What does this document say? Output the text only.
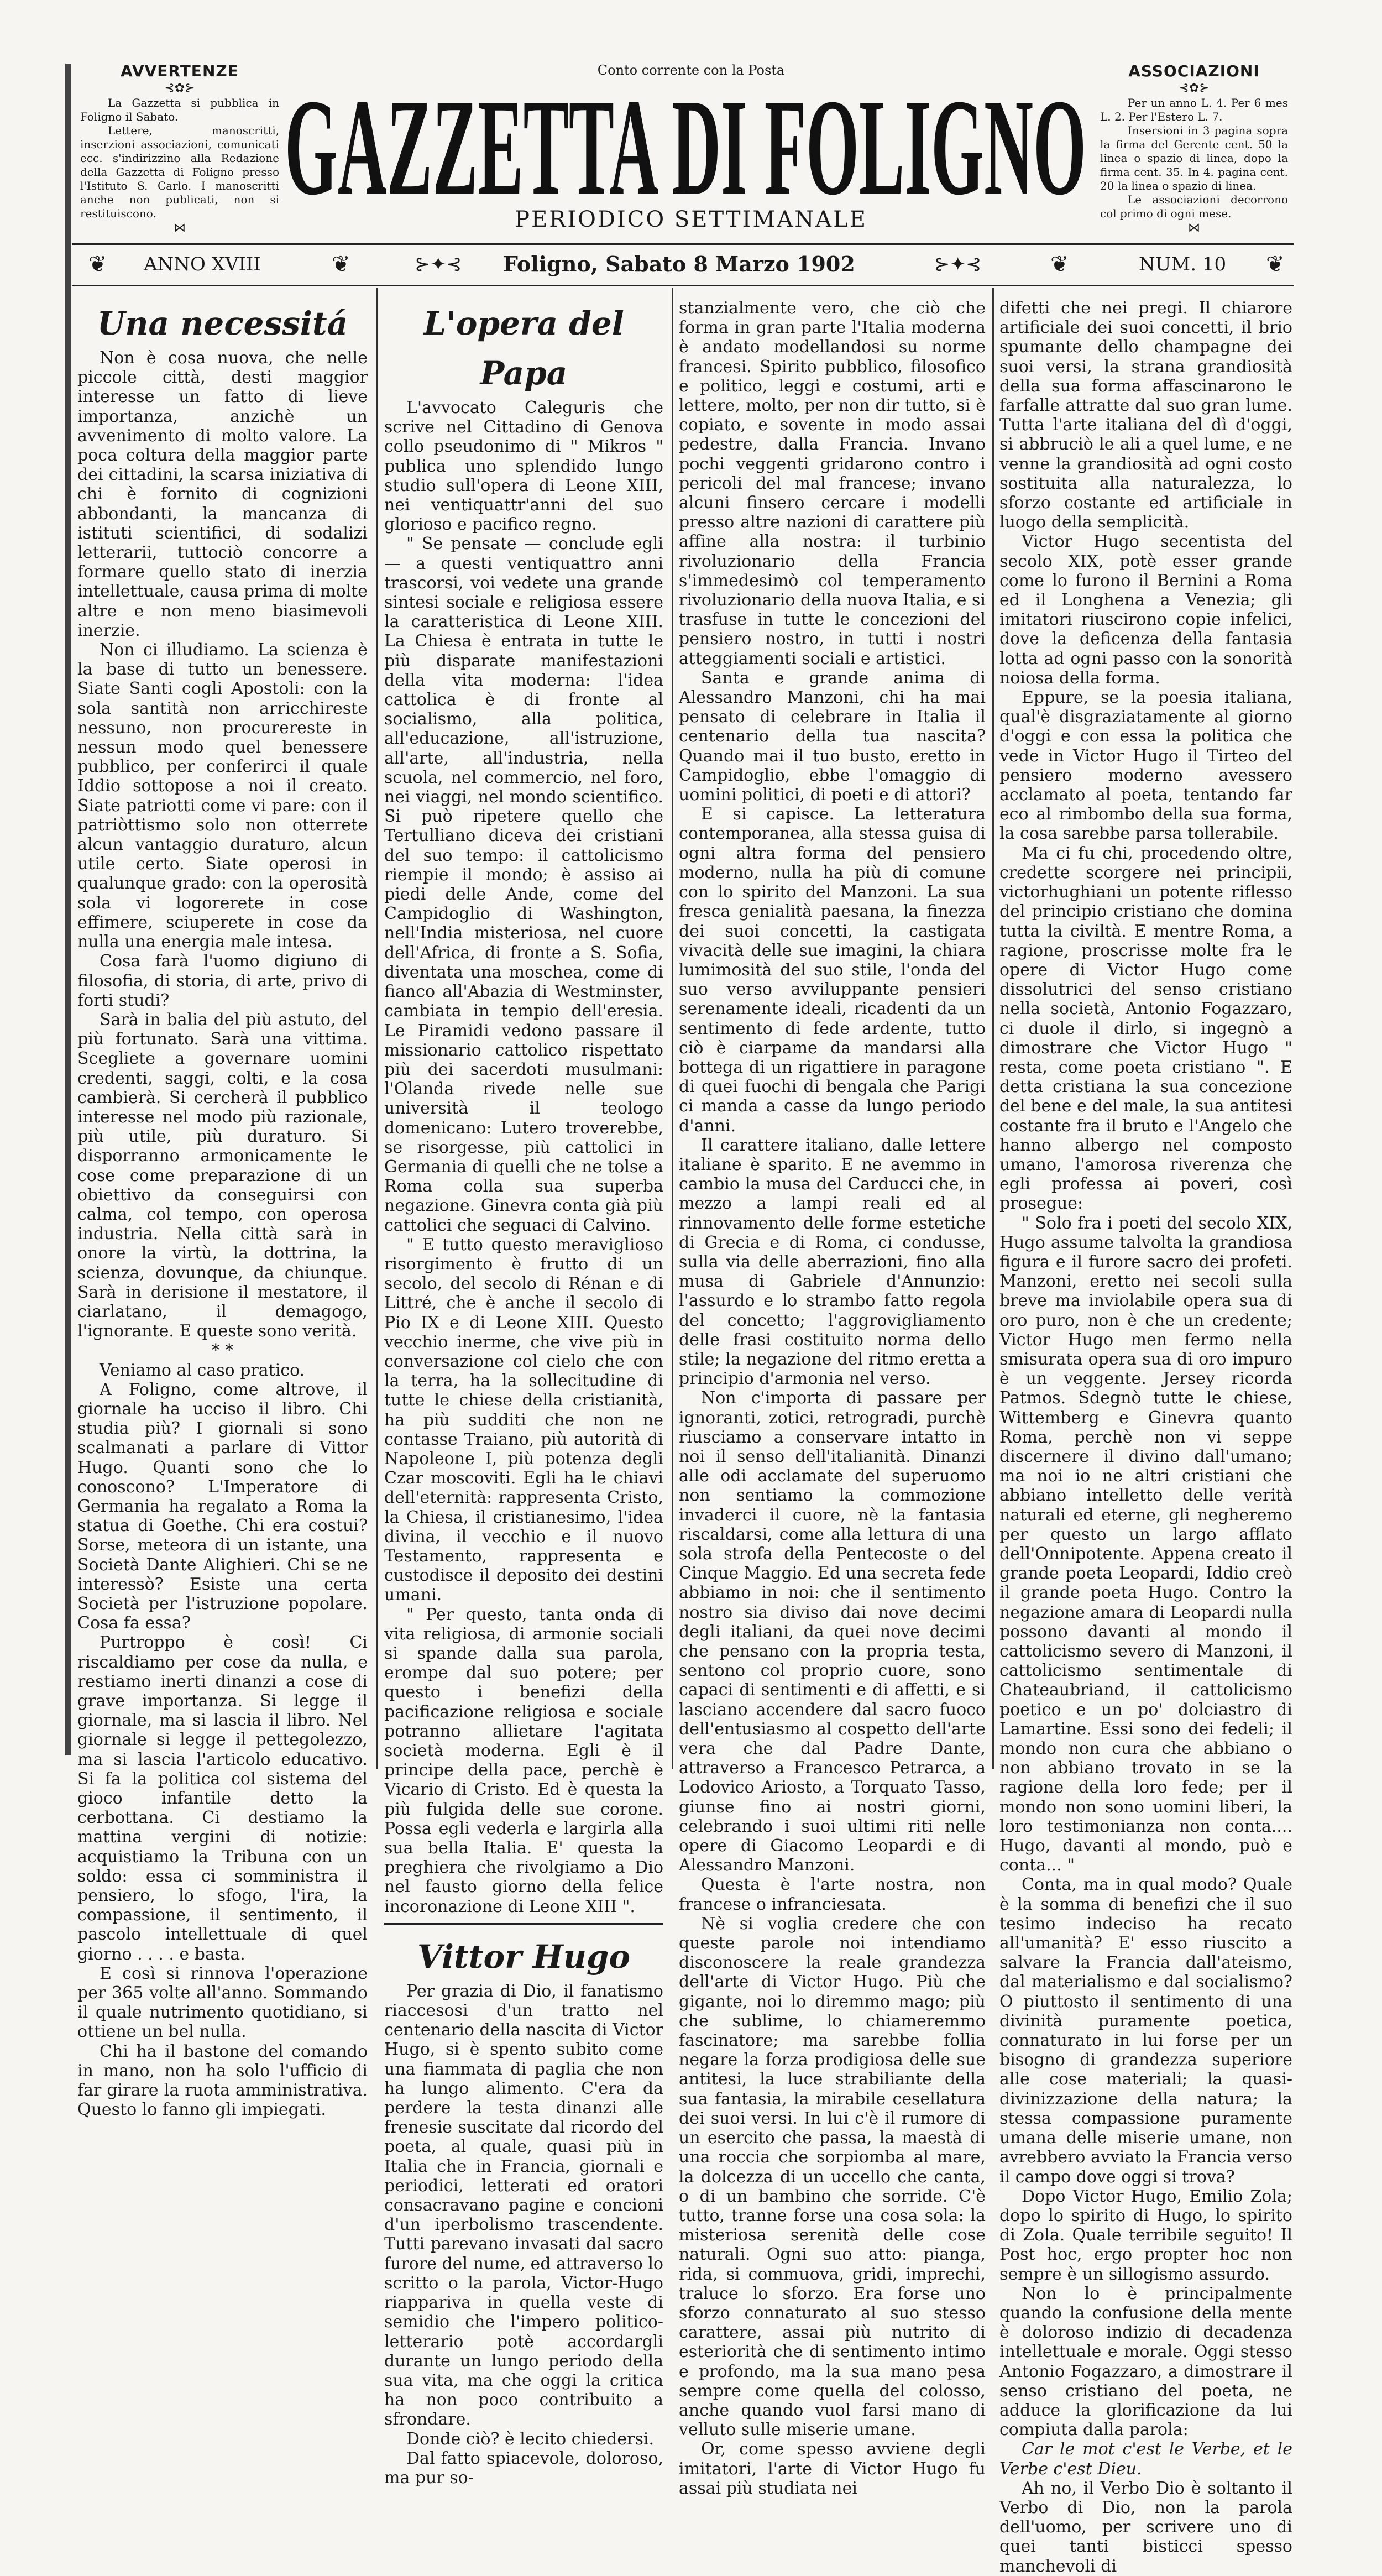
AVVERTENZE
⊰✿⊱

La Gazzetta si pubblica in Foligno il Sabato.

Lettere, manoscritti, inserzioni associazioni, comunicati ecc. s'indirizzino alla Redazione della Gazzetta di Foligno presso l'Istituto S. Carlo. I manoscritti anche non publicati, non si restituiscono.

⋈
Conto corrente con la Posta
GAZZETTA DI FOLIGNO
PERIODICO SETTIMANALE
ASSOCIAZIONI
⊰✿⊱

Per un anno L. 4. Per 6 mes L. 2. Per l'Estero L. 7.

Insersioni in 3 pagina sopra la firma del Gerente cent. 50 la linea o spazio di linea, dopo la firma cent. 35. In 4. pagina cent. 20 la linea o spazio di linea.

Le associazioni decorrono col primo di ogni mese.

⋈
❦ ANNO XVIII	❦	⊱✦⊰ Foligno, Sabato 8 Marzo 1902	⊱✦⊰	❦	NUM. 10 ❦
Una necessitá

Non è cosa nuova, che nelle piccole città, desti maggior interesse un fatto di lieve importanza, anzichè un avvenimento di molto valore. La poca coltura della maggior parte dei cittadini, la scarsa iniziativa di chi è fornito di cognizioni abbondanti, la mancanza di istituti scientifici, di sodalizi letterarii, tuttociò concorre a formare quello stato di inerzia intellettuale, causa prima di molte altre e non meno biasimevoli inerzie.

Non ci illudiamo. La scienza è la base di tutto un benessere. Siate Santi cogli Apostoli: con la sola santità non arricchireste nessuno, non procurereste in nessun modo quel benessere pubblico, per conferirci il quale Iddio sottopose a noi il creato. Siate patriotti come vi pare: con il patriòttismo solo non otterrete alcun vantaggio duraturo, alcun utile certo. Siate operosi in qualunque grado: con la operosità sola vi logorerete in cose effimere, sciuperete in cose da nulla una energia male intesa.

Cosa farà l'uomo digiuno di filosofia, di storia, di arte, privo di forti studi?

Sarà in balia del più astuto, del più fortunato. Sarà una vittima. Scegliete a governare uomini credenti, saggi, colti, e la cosa cambierà. Si cercherà il pubblico interesse nel modo più razionale, più utile, più duraturo. Si disporranno armonicamente le cose come preparazione di un obiettivo da conseguirsi con calma, col tempo, con operosa industria. Nella città sarà in onore la virtù, la dottrina, la scienza, dovunque, da chiunque. Sarà in derisione il mestatore, il ciarlatano, il demagogo, l'ignorante. E queste sono verità.

* *

Veniamo al caso pratico.

A Foligno, come altrove, il giornale ha ucciso il libro. Chi studia più? I giornali si sono scalmanati a parlare di Vittor Hugo. Quanti sono che lo conoscono? L'Imperatore di Germania ha regalato a Roma la statua di Goethe. Chi era costui? Sorse, meteora di un istante, una Società Dante Alighieri. Chi se ne interessò? Esiste una certa Società per l'istruzione popolare. Cosa fa essa?

Purtroppo è così! Ci riscaldiamo per cose da nulla, e restiamo inerti dinanzi a cose di grave importanza. Si legge il giornale, ma si lascia il libro. Nel giornale si legge il pettegolezzo, ma si lascia l'articolo educativo. Si fa la politica col sistema del gioco infantile detto la cerbottana. Ci destiamo la mattina vergini di notizie: acquistiamo la Tribuna con un soldo: essa ci somministra il pensiero, lo sfogo, l'ira, la compassione, il sentimento, il pascolo intellettuale di quel giorno . . . . e basta.

E così si rinnova l'operazione per 365 volte all'anno. Sommando il quale nutrimento quotidiano, si ottiene un bel nulla.

Chi ha il bastone del comando in mano, non ha solo l'ufficio di far girare la ruota amministrativa. Questo lo fanno gli impiegati.

L'opera del Papa

L'avvocato Caleguris che scrive nel Cittadino di Genova collo pseudonimo di " Mikros " publica uno splendido lungo studio sull'opera di Leone XIII, nei ventiquattr'anni del suo glorioso e pacifico regno.

" Se pensate — conclude egli — a questi ventiquattro anni trascorsi, voi vedete una grande sintesi sociale e religiosa essere la caratteristica di Leone XIII. La Chiesa è entrata in tutte le più disparate manifestazioni della vita moderna: l'idea cattolica è di fronte al socialismo, alla politica, all'educazione, all'istruzione, all'arte, all'industria, nella scuola, nel commercio, nel foro, nei viaggi, nel mondo scientifico. Si può ripetere quello che Tertulliano diceva dei cristiani del suo tempo: il cattolicismo riempie il mondo; è assiso ai piedi delle Ande, come del Campidoglio di Washington, nell'India misteriosa, nel cuore dell'Africa, di fronte a S. Sofia, diventata una moschea, come di fianco all'Abazia di Westminster, cambiata in tempio dell'eresia. Le Piramidi vedono passare il missionario cattolico rispettato più dei sacerdoti musulmani: l'Olanda rivede nelle sue università il teologo domenicano: Lutero troverebbe, se risorgesse, più cattolici in Germania di quelli che ne tolse a Roma colla sua superba negazione. Ginevra conta già più cattolici che seguaci di Calvino.

" E tutto questo meraviglioso risorgimento è frutto di un secolo, del secolo di Rénan e di Littré, che è anche il secolo di Pio IX e di Leone XIII. Questo vecchio inerme, che vive più in conversazione col cielo che con la terra, ha la sollecitudine di tutte le chiese della cristianità, ha più sudditi che non ne contasse Traiano, più autorità di Napoleone I, più potenza degli Czar moscoviti. Egli ha le chiavi dell'eternità: rappresenta Cristo, la Chiesa, il cristianesimo, l'idea divina, il vecchio e il nuovo Testamento, rappresenta e custodisce il deposito dei destini umani.

" Per questo, tanta onda di vita religiosa, di armonie sociali si spande dalla sua parola, erompe dal suo potere; per questo i benefizi della pacificazione religiosa e sociale potranno allietare l'agitata società moderna. Egli è il principe della pace, perchè è Vicario di Cristo. Ed è questa la più fulgida delle sue corone. Possa egli vederla e largirla alla sua bella Italia. E' questa la preghiera che rivolgiamo a Dio nel fausto giorno della felice incoronazione di Leone XIII ".

Vittor Hugo

Per grazia di Dio, il fanatismo riaccesosi d'un tratto nel centenario della nascita di Victor Hugo, si è spento subito come una fiammata di paglia che non ha lungo alimento. C'era da perdere la testa dinanzi alle frenesie suscitate dal ricordo del poeta, al quale, quasi più in Italia che in Francia, giornali e periodici, letterati ed oratori consacravano pagine e concioni d'un iperbolismo trascendente. Tutti parevano invasati dal sacro furore del nume, ed attraverso lo scritto o la parola, Victor-Hugo riappariva in quella veste di semidio che l'impero politico-letterario potè accordargli durante un lungo periodo della sua vita, ma che oggi la critica ha non poco contribuito a sfrondare.

Donde ciò? è lecito chiedersi.

Dal fatto spiacevole, doloroso, ma pur so-

stanzialmente vero, che ciò che forma in gran parte l'Italia moderna è andato modellandosi su norme francesi. Spirito pubblico, filosofico e politico, leggi e costumi, arti e lettere, molto, per non dir tutto, si è copiato, e sovente in modo assai pedestre, dalla Francia. Invano pochi veggenti gridarono contro i pericoli del mal francese; invano alcuni finsero cercare i modelli presso altre nazioni di carattere più affine alla nostra: il turbinio rivoluzionario della Francia s'immedesimò col temperamento rivoluzionario della nuova Italia, e si trasfuse in tutte le concezioni del pensiero nostro, in tutti i nostri atteggiamenti sociali e artistici.

Santa e grande anima di Alessandro Manzoni, chi ha mai pensato di celebrare in Italia il centenario della tua nascita? Quando mai il tuo busto, eretto in Campidoglio, ebbe l'omaggio di uomini politici, di poeti e di attori?

E si capisce. La letteratura contemporanea, alla stessa guisa di ogni altra forma del pensiero moderno, nulla ha più di comune con lo spirito del Manzoni. La sua fresca genialità paesana, la finezza dei suoi concetti, la castigata vivacità delle sue imagini, la chiara lumimosità del suo stile, l'onda del suo verso avviluppante pensieri serenamente ideali, ricadenti da un sentimento di fede ardente, tutto ciò è ciarpame da mandarsi alla bottega di un rigattiere in paragone di quei fuochi di bengala che Parigi ci manda a casse da lungo periodo d'anni.

Il carattere italiano, dalle lettere italiane è sparito. E ne avemmo in cambio la musa del Carducci che, in mezzo a lampi reali ed al rinnovamento delle forme estetiche di Grecia e di Roma, ci condusse, sulla via delle aberrazioni, fino alla musa di Gabriele d'Annunzio: l'assurdo e lo strambo fatto regola del concetto; l'aggrovigliamento delle frasi costituito norma dello stile; la negazione del ritmo eretta a principio d'armonia nel verso.

Non c'importa di passare per ignoranti, zotici, retrogradi, purchè riusciamo a conservare intatto in noi il senso dell'italianità. Dinanzi alle odi acclamate del superuomo non sentiamo la commozione invaderci il cuore, nè la fantasia riscaldarsi, come alla lettura di una sola strofa della Pentecoste o del Cinque Maggio. Ed una secreta fede abbiamo in noi: che il sentimento nostro sia diviso dai nove decimi degli italiani, da quei nove decimi che pensano con la propria testa, sentono col proprio cuore, sono capaci di sentimenti e di affetti, e si lasciano accendere dal sacro fuoco dell'entusiasmo al cospetto dell'arte vera che dal Padre Dante, attraverso a Francesco Petrarca, a Lodovico Ariosto, a Torquato Tasso, giunse fino ai nostri giorni, celebrando i suoi ultimi riti nelle opere di Giacomo Leopardi e di Alessandro Manzoni.

Questa è l'arte nostra, non francese o infranciesata.

Nè si voglia credere che con queste parole noi intendiamo disconoscere la reale grandezza dell'arte di Victor Hugo. Più che gigante, noi lo diremmo mago; più che sublime, lo chiameremmo fascinatore; ma sarebbe follia negare la forza prodigiosa delle sue antitesi, la luce strabiliante della sua fantasia, la mirabile cesellatura dei suoi versi. In lui c'è il rumore di un esercito che passa, la maestà di una roccia che sorpiomba al mare, la dolcezza di un uccello che canta, o di un bambino che sorride. C'è tutto, tranne forse una cosa sola: la misteriosa serenità delle cose naturali. Ogni suo atto: pianga, rida, si commuova, gridi, imprechi, traluce lo sforzo. Era forse uno sforzo connaturato al suo stesso carattere, assai più nutrito di esteriorità che di sentimento intimo e profondo, ma la sua mano pesa sempre come quella del colosso, anche quando vuol farsi mano di velluto sulle miserie umane.

Or, come spesso avviene degli imitatori, l'arte di Victor Hugo fu assai più studiata nei

difetti che nei pregi. Il chiarore artificiale dei suoi concetti, il brio spumante dello champagne dei suoi versi, la strana grandiosità della sua forma affascinarono le farfalle attratte dal suo gran lume. Tutta l'arte italiana del dì d'oggi, si abbruciò le ali a quel lume, e ne venne la grandiosità ad ogni costo sostituita alla naturalezza, lo sforzo costante ed artificiale in luogo della semplicità.

Victor Hugo secentista del secolo XIX, potè esser grande come lo furono il Bernini a Roma ed il Longhena a Venezia; gli imitatori riuscirono copie infelici, dove la deficenza della fantasia lotta ad ogni passo con la sonorità noiosa della forma.

Eppure, se la poesia italiana, qual'è disgraziatamente al giorno d'oggi e con essa la politica che vede in Victor Hugo il Tirteo del pensiero moderno avessero acclamato al poeta, tentando far eco al rimbombo della sua forma, la cosa sarebbe parsa tollerabile.

Ma ci fu chi, procedendo oltre, credette scorgere nei principii, victorhughiani un potente riflesso del principio cristiano che domina tutta la civiltà. E mentre Roma, a ragione, proscrisse molte fra le opere di Victor Hugo come dissolutrici del senso cristiano nella società, Antonio Fogazzaro, ci duole il dirlo, si ingegnò a dimostrare che Victor Hugo " resta, come poeta cristiano ". E detta cristiana la sua concezione del bene e del male, la sua antitesi costante fra il bruto e l'Angelo che hanno albergo nel composto umano, l'amorosa riverenza che egli professa ai poveri, così prosegue:

" Solo fra i poeti del secolo XIX, Hugo assume talvolta la grandiosa figura e il furore sacro dei profeti. Manzoni, eretto nei secoli sulla breve ma inviolabile opera sua di oro puro, non è che un credente; Victor Hugo men fermo nella smisurata opera sua di oro impuro è un veggente. Jersey ricorda Patmos. Sdegnò tutte le chiese, Wittemberg e Ginevra quanto Roma, perchè non vi seppe discernere il divino dall'umano; ma noi io ne altri cristiani che abbiano intelletto delle verità naturali ed eterne, gli negheremo per questo un largo afflato dell'Onnipotente. Appena creato il grande poeta Leopardi, Iddio creò il grande poeta Hugo. Contro la negazione amara di Leopardi nulla possono davanti al mondo il cattolicismo severo di Manzoni, il cattolicismo sentimentale di Chateaubriand, il cattolicismo poetico e un po' dolciastro di Lamartine. Essi sono dei fedeli; il mondo non cura che abbiano o non abbiano trovato in se la ragione della loro fede; per il mondo non sono uomini liberi, la loro testimonianza non conta.... Hugo, davanti al mondo, può e conta... "

Conta, ma in qual modo? Quale è la somma di benefizi che il suo tesimo indeciso ha recato all'umanità? E' esso riuscito a salvare la Francia dall'ateismo, dal materialismo e dal socialismo? O piuttosto il sentimento di una divinità puramente poetica, connaturato in lui forse per un bisogno di grandezza superiore alle cose materiali; la quasi-divinizzazione della natura; la stessa compassione puramente umana delle miserie umane, non avrebbero avviato la Francia verso il campo dove oggi si trova?

Dopo Victor Hugo, Emilio Zola; dopo lo spirito di Hugo, lo spirito di Zola. Quale terribile seguito! Il Post hoc, ergo propter hoc non sempre è un sillogismo assurdo.

Non lo è principalmente quando la confusione della mente è doloroso indizio di decadenza intellettuale e morale. Oggi stesso Antonio Fogazzaro, a dimostrare il senso cristiano del poeta, ne adduce la glorificazione da lui compiuta dalla parola:

Car le mot c'est le Verbe, et le Verbe c'est Dieu.

Ah no, il Verbo Dio è soltanto il Verbo di Dio, non la parola dell'uomo, per scrivere uno di quei tanti bisticci spesso manchevoli di
